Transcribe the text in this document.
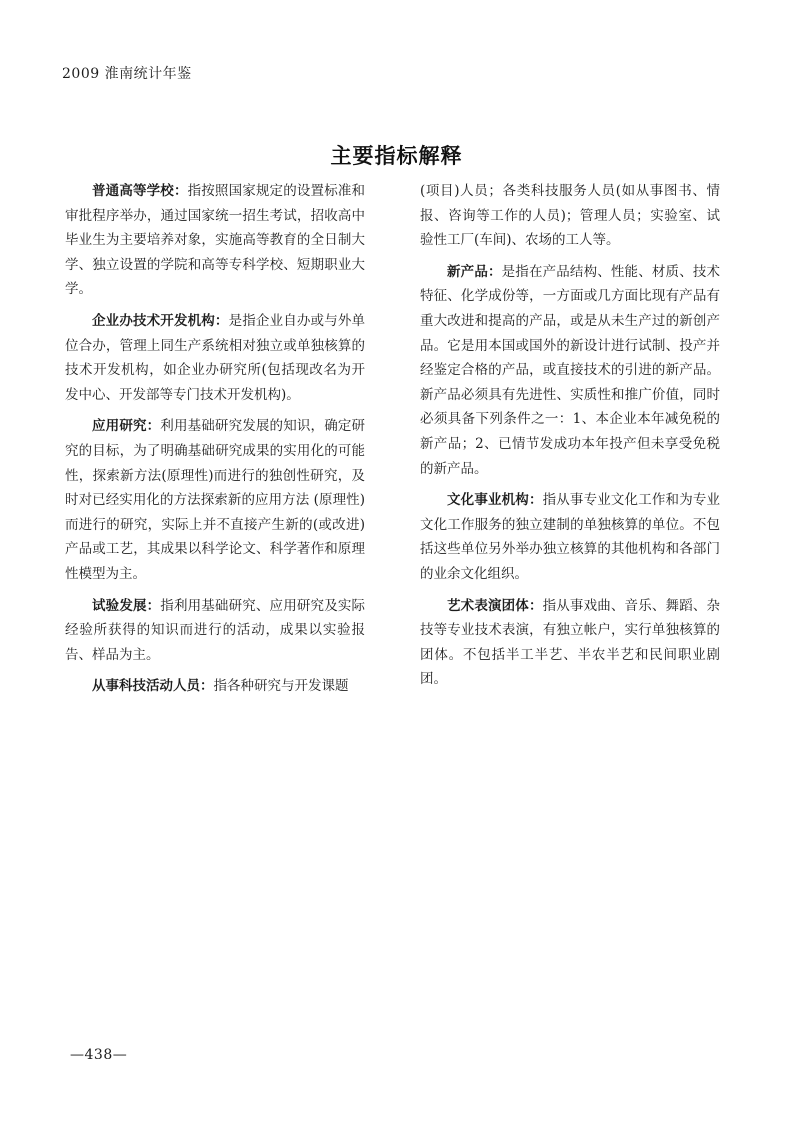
2009 淮南统计年鉴
主要指标解释

普通高等学校：指按照国家规定的设置标准和审批程序举办，通过国家统一招生考试，招收高中毕业生为主要培养对象，实施高等教育的全日制大学、独立设置的学院和高等专科学校、短期职业大学。

企业办技术开发机构：是指企业自办或与外单位合办，管理上同生产系统相对独立或单独核算的技术开发机构，如企业办研究所(包括现改名为开发中心、开发部等专门技术开发机构)。

应用研究：利用基础研究发展的知识，确定研究的目标，为了明确基础研究成果的实用化的可能性，探索新方法(原理性)而进行的独创性研究，及时对已经实用化的方法探索新的应用方法 (原理性)而进行的研究，实际上并不直接产生新的(或改进)产品或工艺，其成果以科学论文、科学著作和原理性模型为主。

试验发展：指利用基础研究、应用研究及实际经验所获得的知识而进行的活动，成果以实验报告、样品为主。

从事科技活动人员：指各种研究与开发课题

(项目)人员；各类科技服务人员(如从事图书、情报、咨询等工作的人员)；管理人员；实验室、试验性工厂(车间)、农场的工人等。

新产品：是指在产品结构、性能、材质、技术特征、化学成份等，一方面或几方面比现有产品有重大改进和提高的产品，或是从未生产过的新创产品。它是用本国或国外的新设计进行试制、投产并经鉴定合格的产品，或直接技术的引进的新产品。新产品必须具有先进性、实质性和推广价值，同时必须具备下列条件之一：1、本企业本年减免税的新产品；2、已情节发成功本年投产但未享受免税的新产品。

文化事业机构：指从事专业文化工作和为专业文化工作服务的独立建制的单独核算的单位。不包括这些单位另外举办独立核算的其他机构和各部门的业余文化组织。

艺术表演团体：指从事戏曲、音乐、舞蹈、杂技等专业技术表演，有独立帐户，实行单独核算的团体。不包括半工半艺、半农半艺和民间职业剧团。

—438—
